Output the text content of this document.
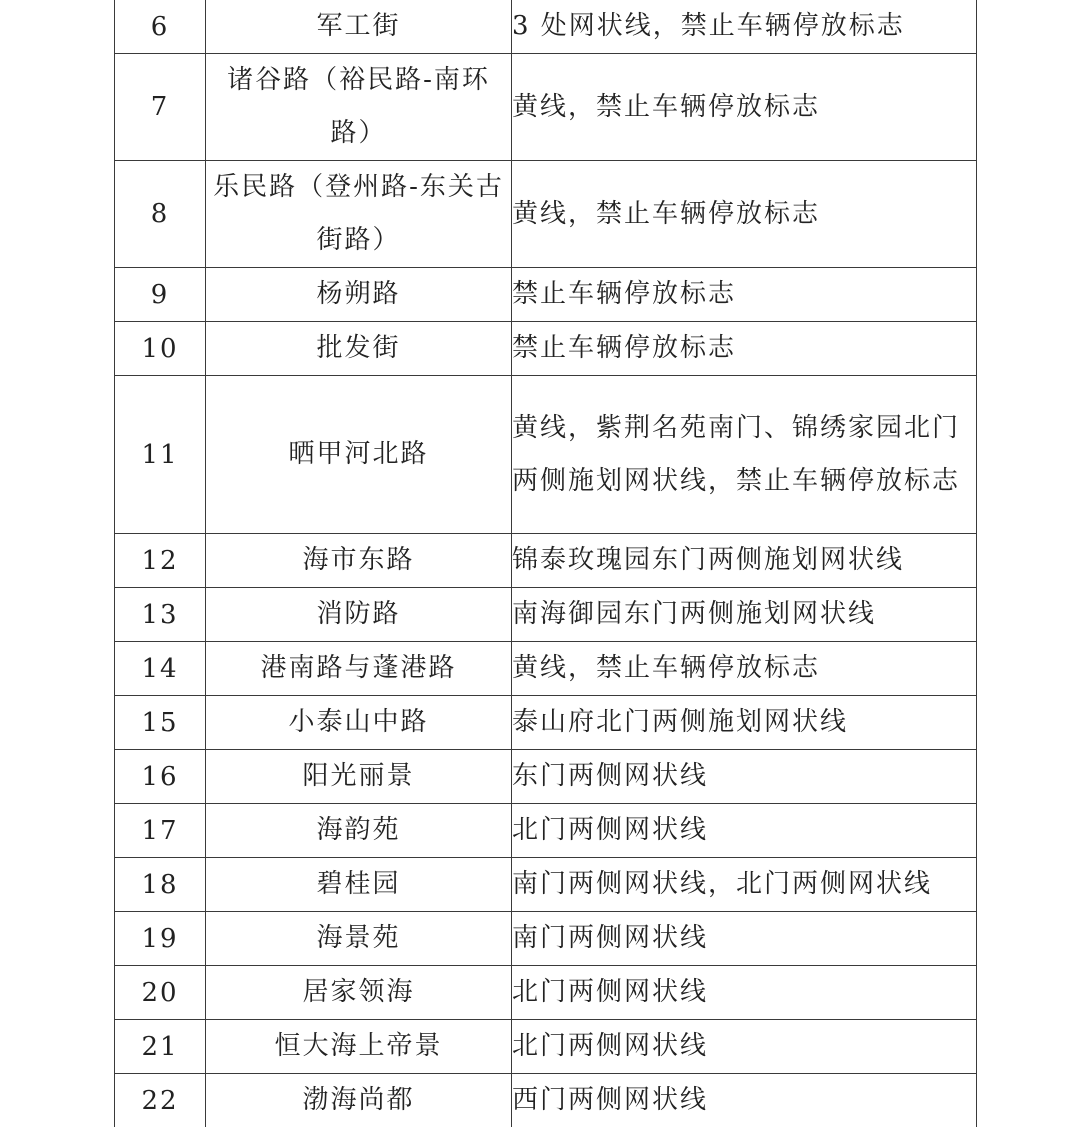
6	军工街	3 处网状线，禁止车辆停放标志
7	诸谷路（裕民路-南环路）	黄线，禁止车辆停放标志
8	乐民路（登州路-东关古街路）	黄线，禁止车辆停放标志
9	杨朔路	禁止车辆停放标志
10	批发街	禁止车辆停放标志
11	晒甲河北路	黄线，紫荆名苑南门、锦绣家园北门两侧施划网状线，禁止车辆停放标志
12	海市东路	锦泰玫瑰园东门两侧施划网状线
13	消防路	南海御园东门两侧施划网状线
14	港南路与蓬港路	黄线，禁止车辆停放标志
15	小泰山中路	泰山府北门两侧施划网状线
16	阳光丽景	东门两侧网状线
17	海韵苑	北门两侧网状线
18	碧桂园	南门两侧网状线，北门两侧网状线
19	海景苑	南门两侧网状线
20	居家领海	北门两侧网状线
21	恒大海上帝景	北门两侧网状线
22	渤海尚都	西门两侧网状线
